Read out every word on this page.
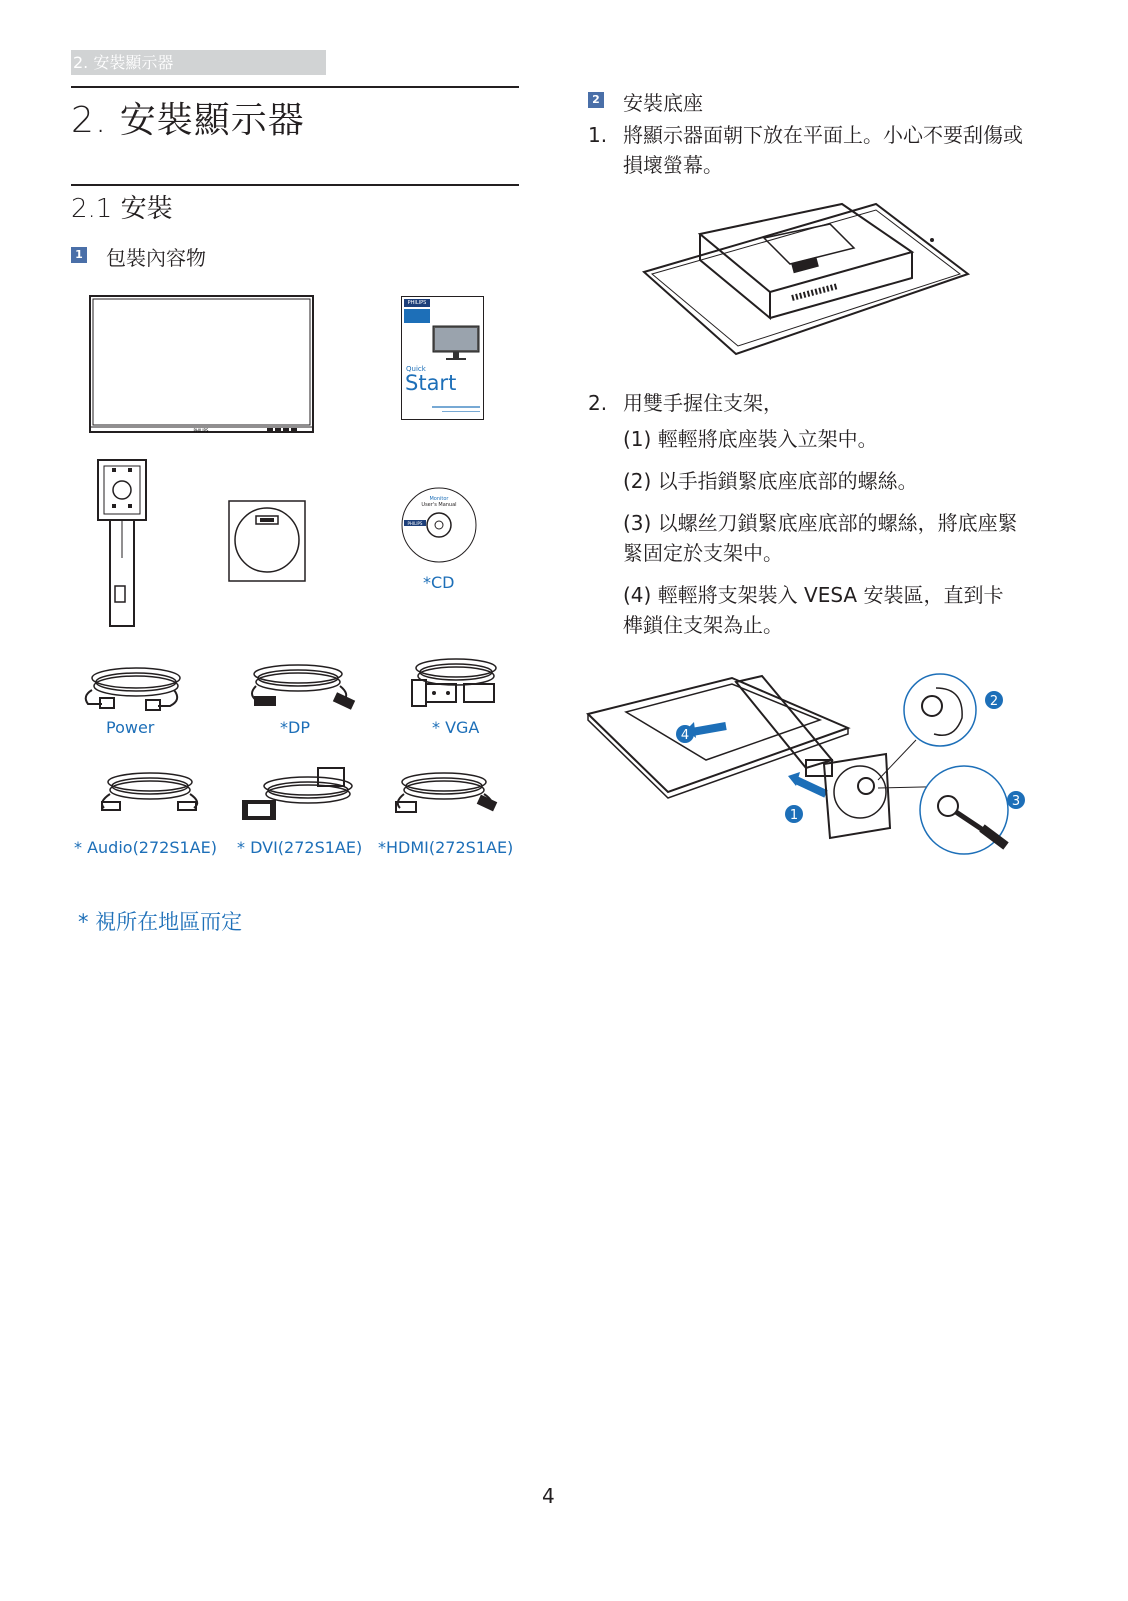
2. 安裝顯示器
2. 安裝顯示器
2.1 安裝
1 包裝內容物
PHILIPS
PHILIPS
Quick
Start
Monitor
User's Manual
PHILIPS
*CD
Power	*DP	* VGA
* Audio(272S1AE) * DVI(272S1AE) *HDMI(272S1AE)
* 視所在地區而定
2 安裝底座
1. 將顯示器面朝下放在平面上。小心不要刮傷或損壞螢幕。
2. 用雙手握住支架，
(1) 輕輕將底座裝入立架中。
(2) 以手指鎖緊底座底部的螺絲。
(3) 以螺丝刀鎖緊底座底部的螺絲，將底座緊緊固定於支架中。
(4) 輕輕將支架裝入 VESA 安裝區，直到卡榫鎖住支架為止。
4
2
3
1
4
